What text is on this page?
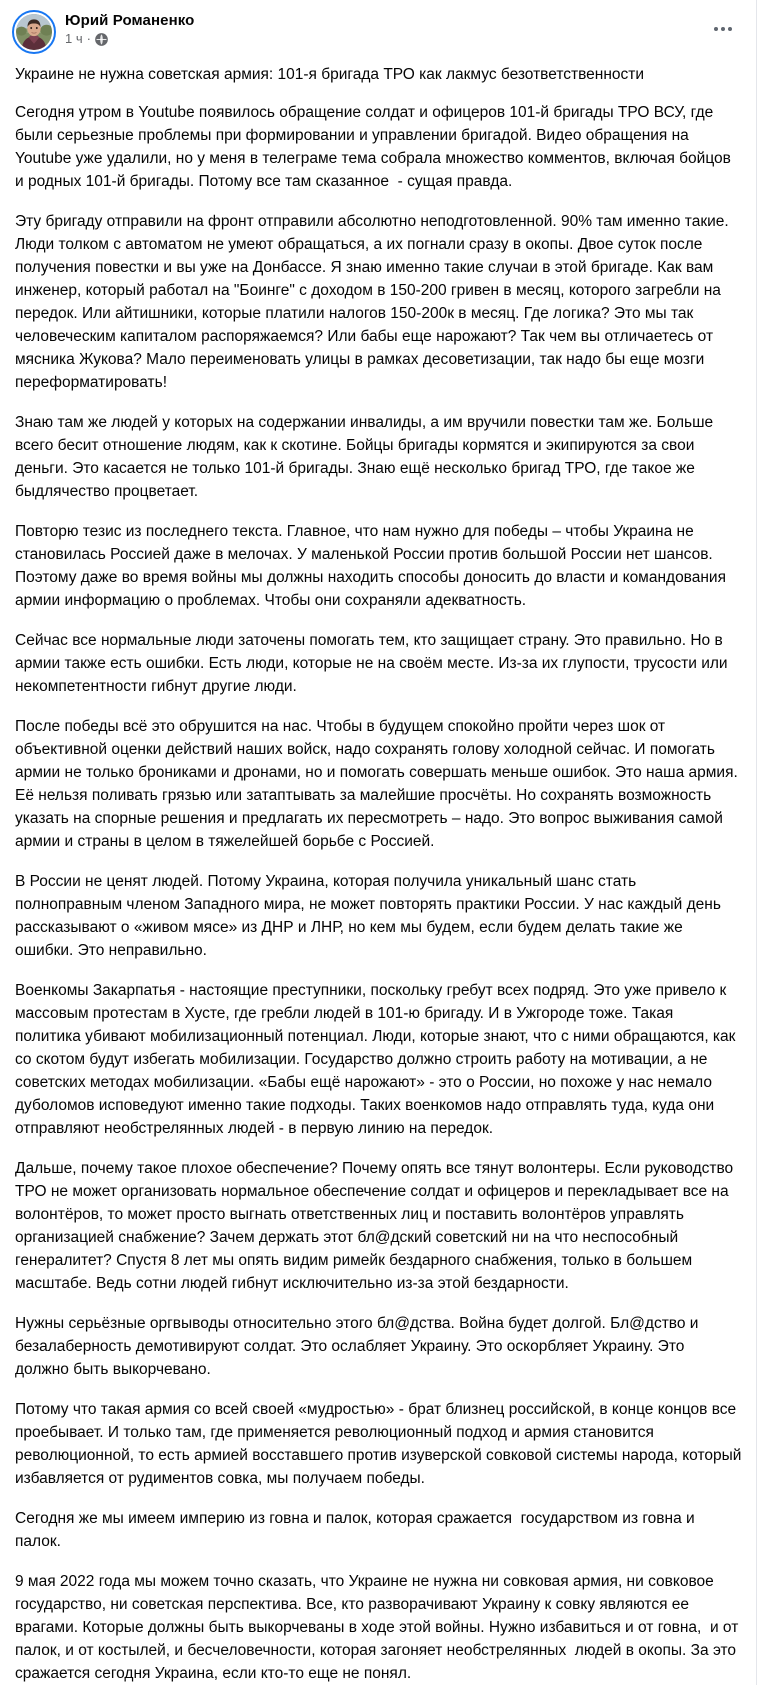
Юрий Романенко
1 ч ·
Украине не нужна советская армия: 101-я бригада ТРО как лакмус безответственности

Сегодня утром в Youtube появилось обращение солдат и офицеров 101-й бригады ТРО ВСУ, где были серьезные проблемы при формировании и управлении бригадой. Видео обращения на Youtube уже удалили, но у меня в телеграме тема собрала множество комментов, включая бойцов и родных 101-й бригады. Потому все там сказанное  - сущая правда.

Эту бригаду отправили на фронт отправили абсолютно неподготовленной. 90% там именно такие. Люди толком с автоматом не умеют обращаться, а их погнали сразу в окопы. Двое суток после получения повестки и вы уже на Донбассе. Я знаю именно такие случаи в этой бригаде. Как вам инженер, который работал на "Боинге" с доходом в 150-200 гривен в месяц, которого загребли на передок. Или айтишники, которые платили налогов 150-200к в месяц. Где логика? Это мы так человеческим капиталом распоряжаемся? Или бабы еще нарожают? Так чем вы отличаетесь от мясника Жукова? Мало переименовать улицы в рамках десоветизации, так надо бы еще мозги переформатировать!

Знаю там же людей у которых на содержании инвалиды, а им вручили повестки там же. Больше всего бесит отношение людям, как к скотине. Бойцы бригады кормятся и экипируются за свои деньги. Это касается не только 101-й бригады. Знаю ещё несколько бригад ТРО, где такое же быдлячество процветает.

Повторю тезис из последнего текста. Главное, что нам нужно для победы – чтобы Украина не становилась Россией даже в мелочах. У маленькой России против большой России нет шансов. Поэтому даже во время войны мы должны находить способы доносить до власти и командования армии информацию о проблемах. Чтобы они сохраняли адекватность.

Сейчас все нормальные люди заточены помогать тем, кто защищает страну. Это правильно. Но в армии также есть ошибки. Есть люди, которые не на своём месте. Из-за их глупости, трусости или некомпетентности гибнут другие люди.

После победы всё это обрушится на нас. Чтобы в будущем спокойно пройти через шок от объективной оценки действий наших войск, надо сохранять голову холодной сейчас. И помогать армии не только брониками и дронами, но и помогать совершать меньше ошибок. Это наша армия. Её нельзя поливать грязью или затаптывать за малейшие просчёты. Но сохранять возможность указать на спорные решения и предлагать их пересмотреть – надо. Это вопрос выживания самой армии и страны в целом в тяжелейшей борьбе с Россией.

В России не ценят людей. Потому Украина, которая получила уникальный шанс стать полноправным членом Западного мира, не может повторять практики России. У нас каждый день рассказывают о «живом мясе» из ДНР и ЛНР, но кем мы будем, если будем делать такие же ошибки. Это неправильно.

Военкомы Закарпатья - настоящие преступники, поскольку гребут всех подряд. Это уже привело к массовым протестам в Хусте, где гребли людей в 101-ю бригаду. И в Ужгороде тоже. Такая политика убивают мобилизационный потенциал. Люди, которые знают, что с ними обращаются, как со скотом будут избегать мобилизации. Государство должно строить работу на мотивации, а не советских методах мобилизации. «Бабы ещё нарожают» - это о России, но похоже у нас немало дуболомов исповедуют именно такие подходы. Таких военкомов надо отправлять туда, куда они отправляют необстрелянных людей - в первую линию на передок.

Дальше, почему такое плохое обеспечение? Почему опять все тянут волонтеры. Если руководство ТРО не может организовать нормальное обеспечение солдат и офицеров и перекладывает все на волонтёров, то может просто выгнать ответственных лиц и поставить волонтёров управлять организацией снабжение? Зачем держать этот бл@дский советский ни на что неспособный генералитет? Спустя 8 лет мы опять видим римейк бездарного снабжения, только в большем масштабе. Ведь сотни людей гибнут исключительно из-за этой бездарности.

Нужны серьёзные оргвыводы относительно этого бл@дства. Война будет долгой. Бл@дство и безалаберность демотивируют солдат. Это ослабляет Украину. Это оскорбляет Украину. Это должно быть выкорчевано.

Потому что такая армия со всей своей «мудростью» - брат близнец российской, в конце концов все проебывает. И только там, где применяется революционный подход и армия становится революционной, то есть армией восставшего против изуверской совковой системы народа, который избавляется от рудиментов совка, мы получаем победы.

Сегодня же мы имеем империю из говна и палок, которая сражается  государством из говна и палок.

9 мая 2022 года мы можем точно сказать, что Украине не нужна ни совковая армия, ни совковое государство, ни советская перспектива. Все, кто разворачивают Украину к совку являются ее врагами. Которые должны быть выкорчеваны в ходе этой войны. Нужно избавиться и от говна,  и от палок, и от костылей, и бесчеловечности, которая загоняет необстрелянных  людей в окопы. За это сражается сегодня Украина, если кто-то еще не понял.
